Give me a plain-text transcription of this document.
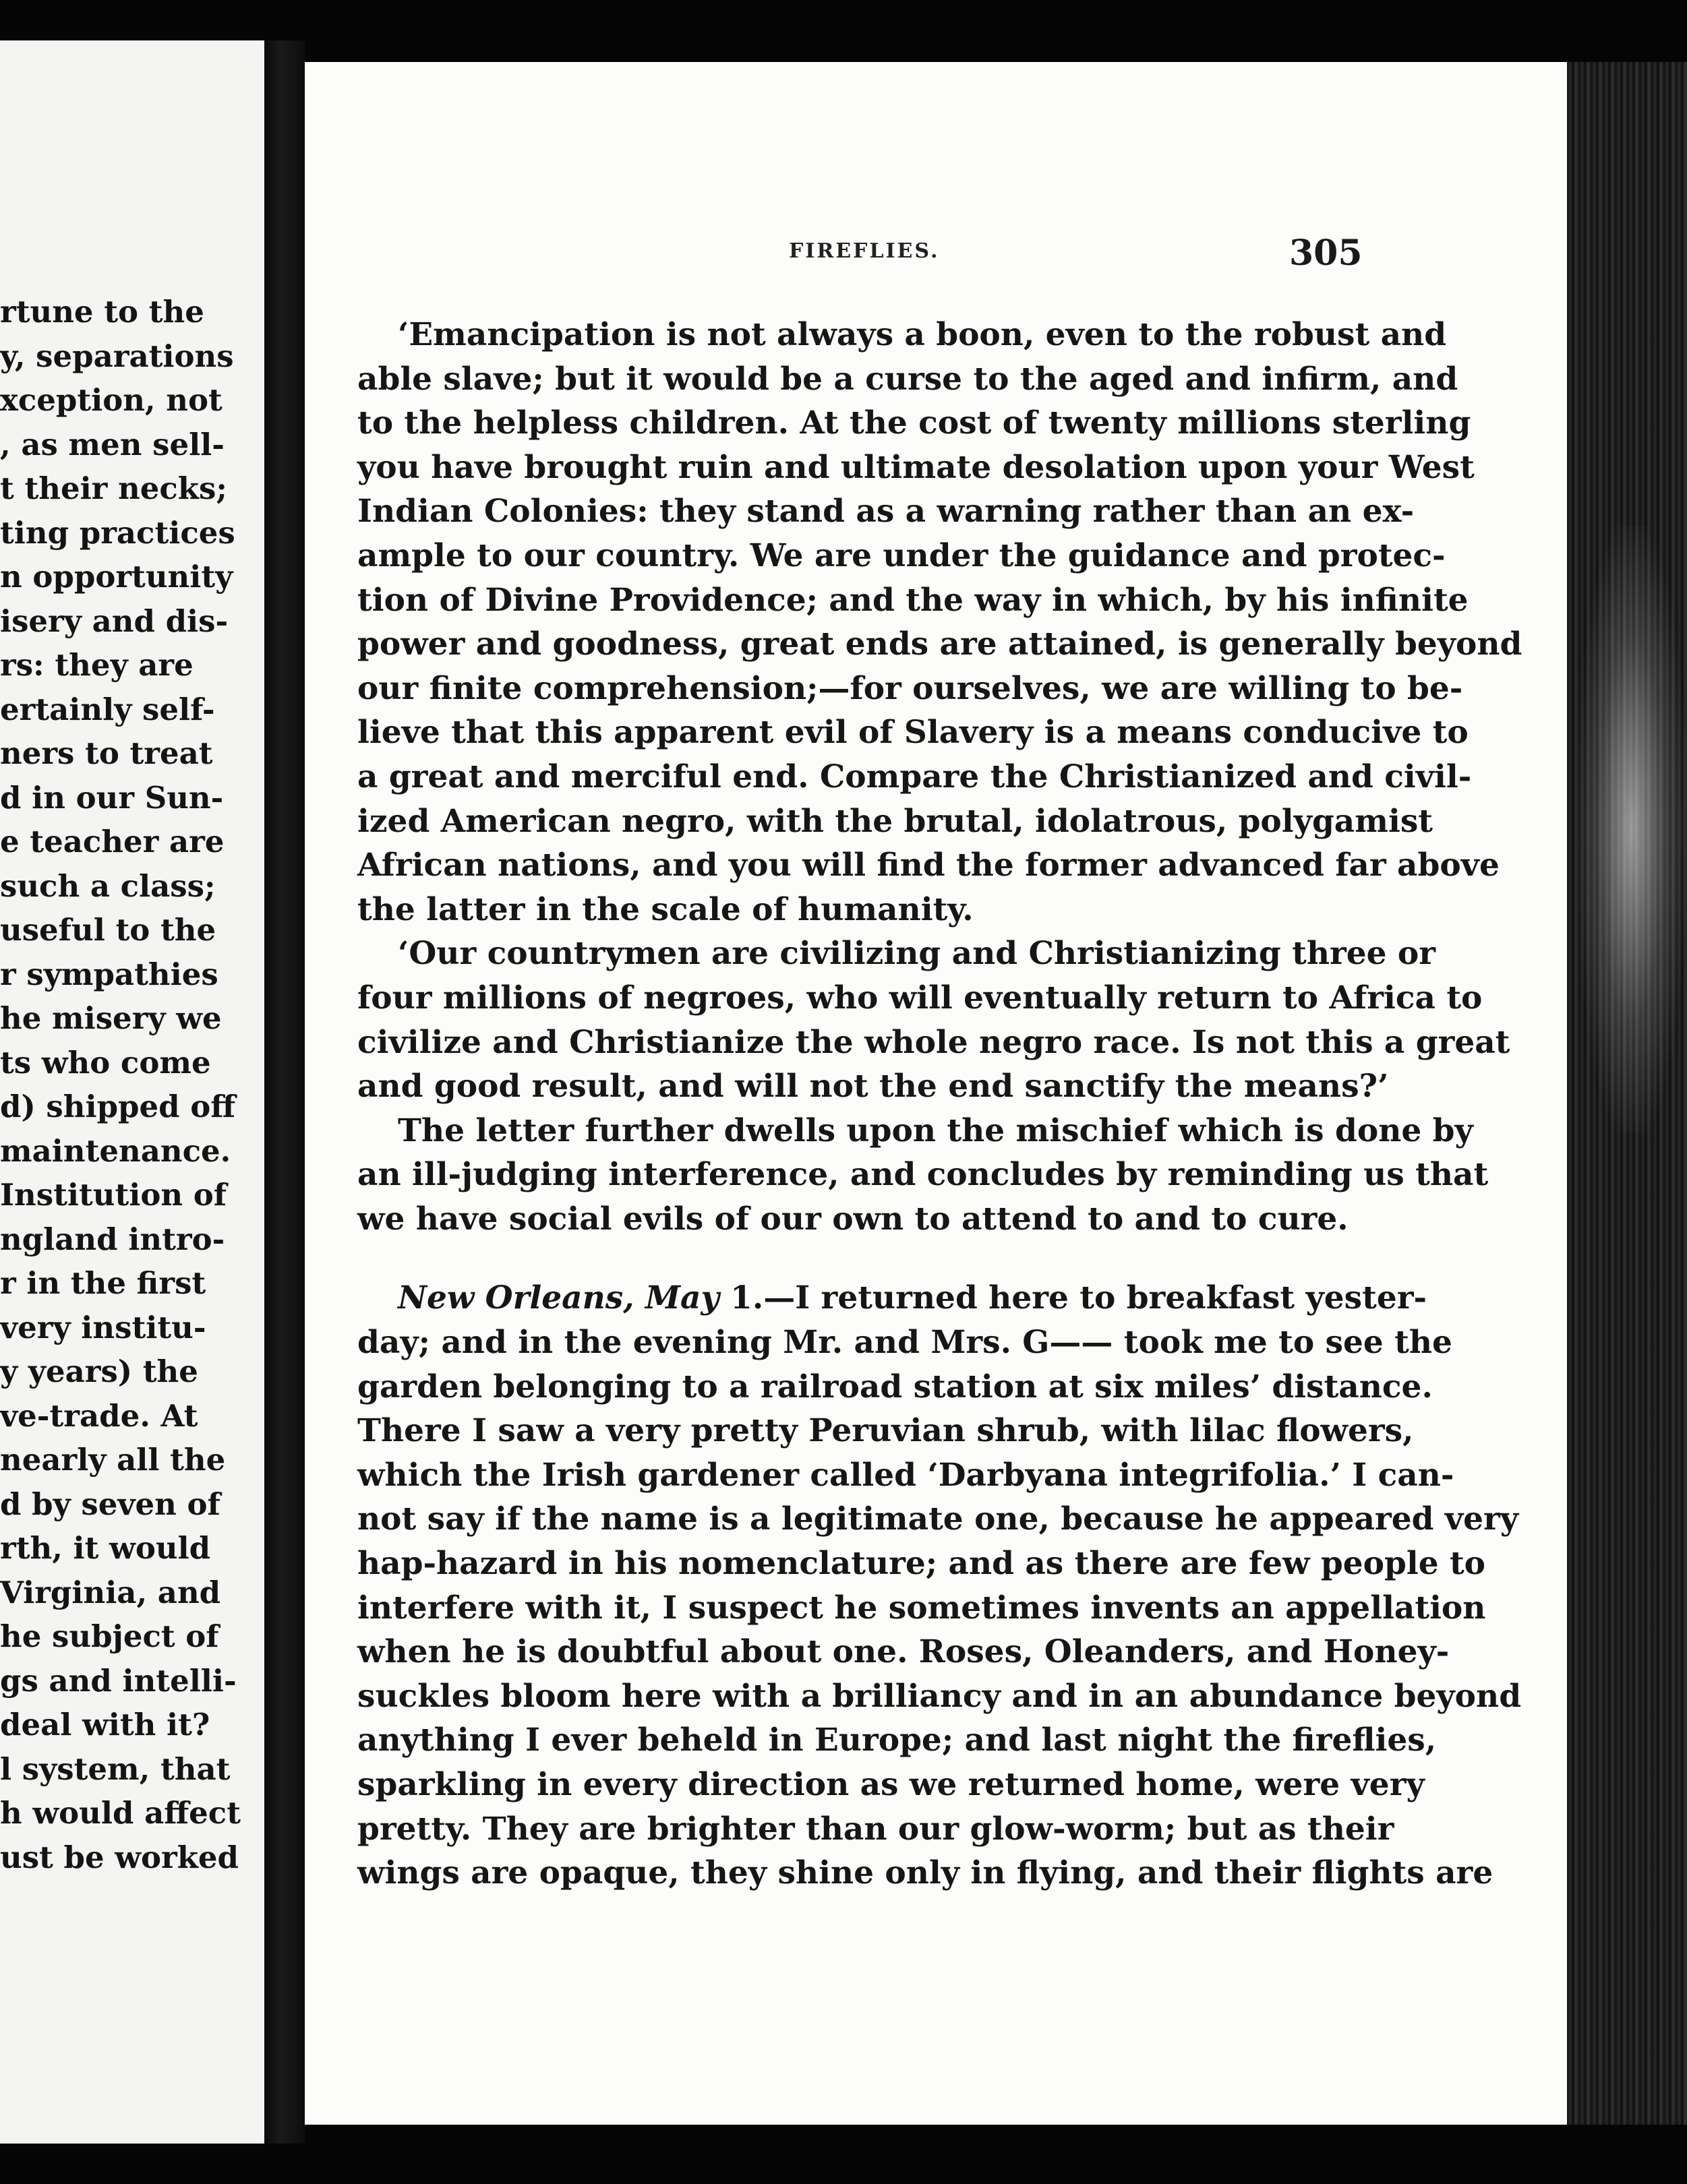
rtune to the
y, separations
xception, not
, as men sell-
t their necks;
ting practices
n opportunity
isery and dis-
rs: they are
ertainly self-
ners to treat
d in our Sun-
e teacher are
such a class;
useful to the
r sympathies
he misery we
ts who come
d) shipped off
maintenance.
Institution of
ngland intro-
r in the first
very institu-
y years) the
ve-trade. At
nearly all the
d by seven of
rth, it would
Virginia, and
he subject of
gs and intelli-
deal with it?
l system, that
h would affect
ust be worked
FIREFLIES.	305
‘Emancipation is not always a boon, even to the robust and
able slave; but it would be a curse to the aged and infirm, and
to the helpless children. At the cost of twenty millions sterling
you have brought ruin and ultimate desolation upon your West
Indian Colonies: they stand as a warning rather than an ex-
ample to our country. We are under the guidance and protec-
tion of Divine Providence; and the way in which, by his infinite
power and goodness, great ends are attained, is generally beyond
our finite comprehension;—for ourselves, we are willing to be-
lieve that this apparent evil of Slavery is a means conducive to
a great and merciful end. Compare the Christianized and civil-
ized American negro, with the brutal, idolatrous, polygamist
African nations, and you will find the former advanced far above
the latter in the scale of humanity.
‘Our countrymen are civilizing and Christianizing three or
four millions of negroes, who will eventually return to Africa to
civilize and Christianize the whole negro race. Is not this a great
and good result, and will not the end sanctify the means?’
The letter further dwells upon the mischief which is done by
an ill-judging interference, and concludes by reminding us that
we have social evils of our own to attend to and to cure.
New Orleans, May 1.—I returned here to breakfast yester-
day; and in the evening Mr. and Mrs. G—— took me to see the
garden belonging to a railroad station at six miles’ distance.
There I saw a very pretty Peruvian shrub, with lilac flowers,
which the Irish gardener called ‘Darbyana integrifolia.’ I can-
not say if the name is a legitimate one, because he appeared very
hap-hazard in his nomenclature; and as there are few people to
interfere with it, I suspect he sometimes invents an appellation
when he is doubtful about one. Roses, Oleanders, and Honey-
suckles bloom here with a brilliancy and in an abundance beyond
anything I ever beheld in Europe; and last night the fireflies,
sparkling in every direction as we returned home, were very
pretty. They are brighter than our glow-worm; but as their
wings are opaque, they shine only in flying, and their flights are
